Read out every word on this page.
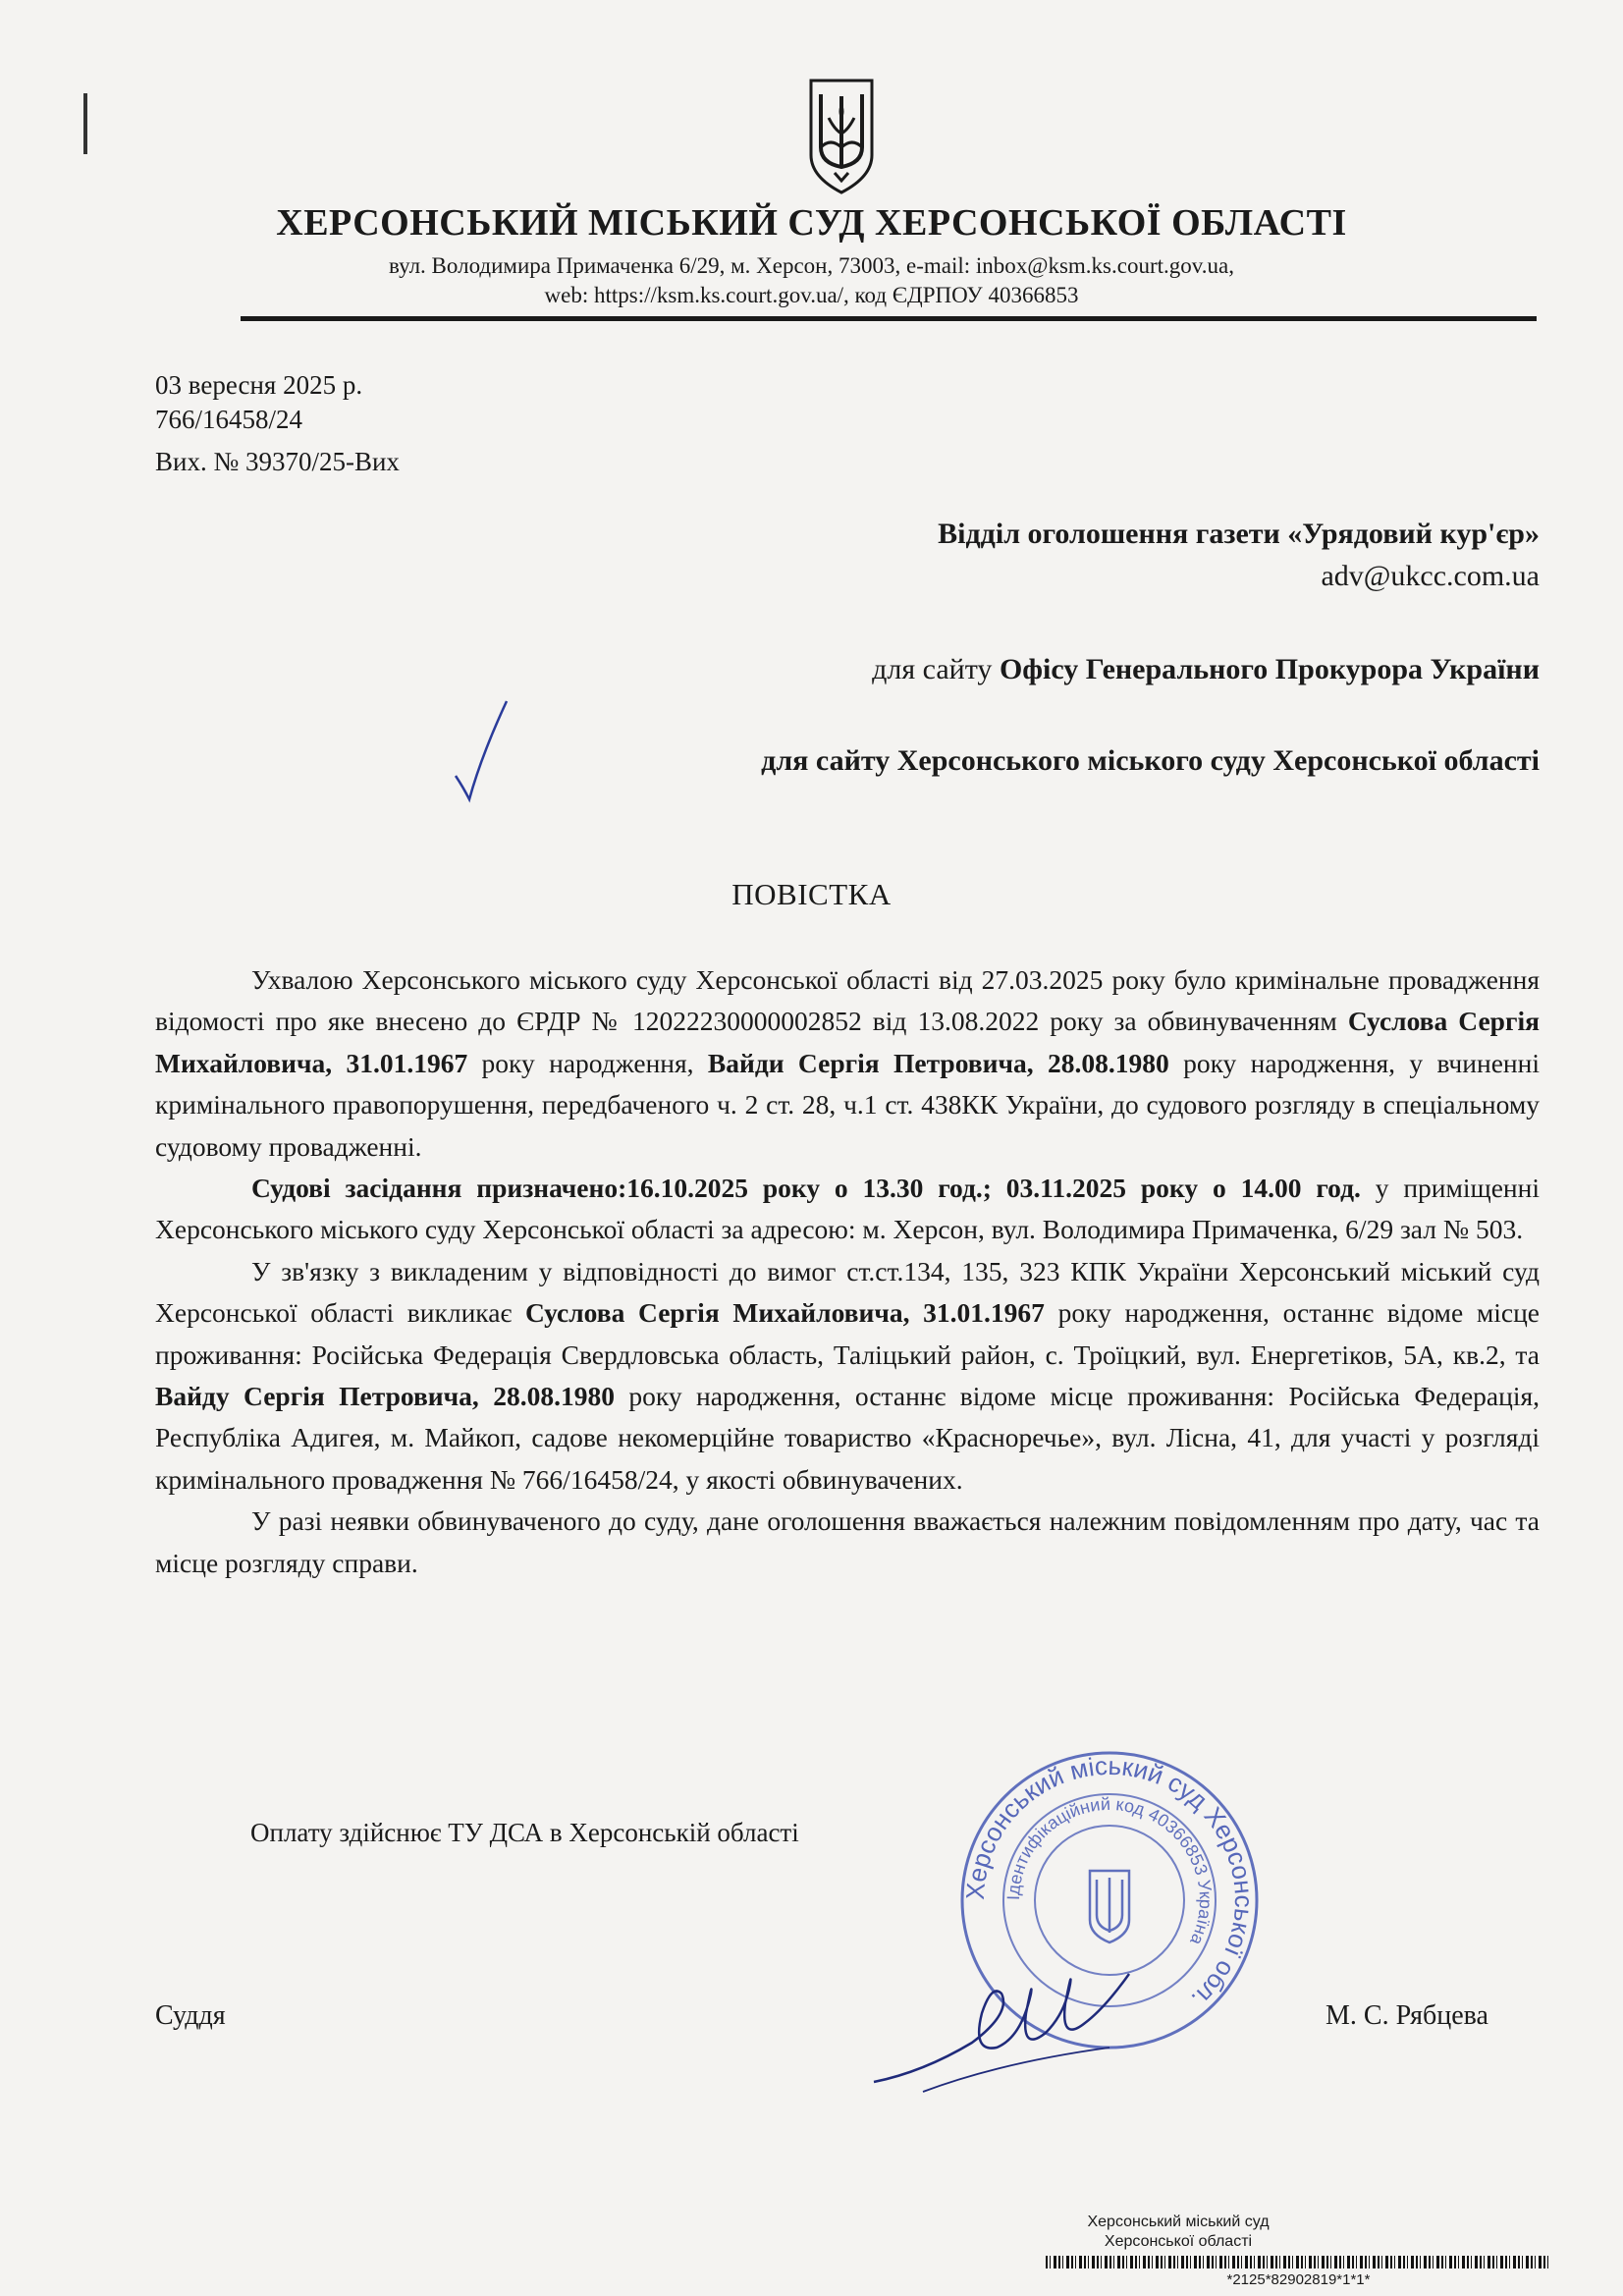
ХЕРСОНСЬКИЙ МІСЬКИЙ СУД ХЕРСОНСЬКОЇ ОБЛАСТІ
вул. Володимира Примаченка 6/29, м. Херсон, 73003, e-mail: inbox@ksm.ks.court.gov.ua,
web: https://ksm.ks.court.gov.ua/, код ЄДРПОУ 40366853
03 вересня 2025 р.
766/16458/24
Вих. № 39370/25-Вих
Відділ оголошення газети «Урядовий кур'єр»
adv@ukcc.com.ua
для сайту Офісу Генерального Прокурора України
для сайту Херсонського міського суду Херсонської області
ПОВІСТКА

Ухвалою Херсонського міського суду Херсонської області від 27.03.2025 року було кримінальне провадження відомості про яке внесено до ЄРДР № 12022230000002852 від 13.08.2022 року за обвинуваченням Суслова Сергія Михайловича, 31.01.1967 року народження, Вайди Сергія Петровича, 28.08.1980 року народження, у вчиненні кримінального правопорушення, передбаченого ч. 2 ст. 28, ч.1 ст. 438КК України, до судового розгляду в спеціальному судовому провадженні.

Судові засідання призначено:16.10.2025 року о 13.30 год.; 03.11.2025 року о 14.00 год. у приміщенні Херсонського міського суду Херсонської області за адресою: м. Херсон, вул. Володимира Примаченка, 6/29 зал № 503.

У зв'язку з викладеним у відповідності до вимог ст.ст.134, 135, 323 КПК України Херсонський міський суд Херсонської області викликає Суслова Сергія Михайловича, 31.01.1967 року народження, останнє відоме місце проживання: Російська Федерація Свердловська область, Таліцький район, с. Троїцкий, вул. Енергетіков, 5А, кв.2, та Вайду Сергія Петровича, 28.08.1980 року народження, останнє відоме місце проживання: Російська Федерація, Республіка Адигея, м. Майкоп, садове некомерційне товариство «Красноречье», вул. Лісна, 41, для участі у розгляді кримінального провадження № 766/16458/24, у якості обвинувачених.

У разі неявки обвинуваченого до суду, дане оголошення вважається належним повідомленням про дату, час та місце розгляду справи.

Оплату здійснює ТУ ДСА в Херсонській області
Херсонський міський суд Херсонської обл.
Ідентифікаційний код 40366853 Україна
Суддя	М. С. Рябцева
Херсонський міський суд
Херсонської області
*2125*82902819*1*1*
